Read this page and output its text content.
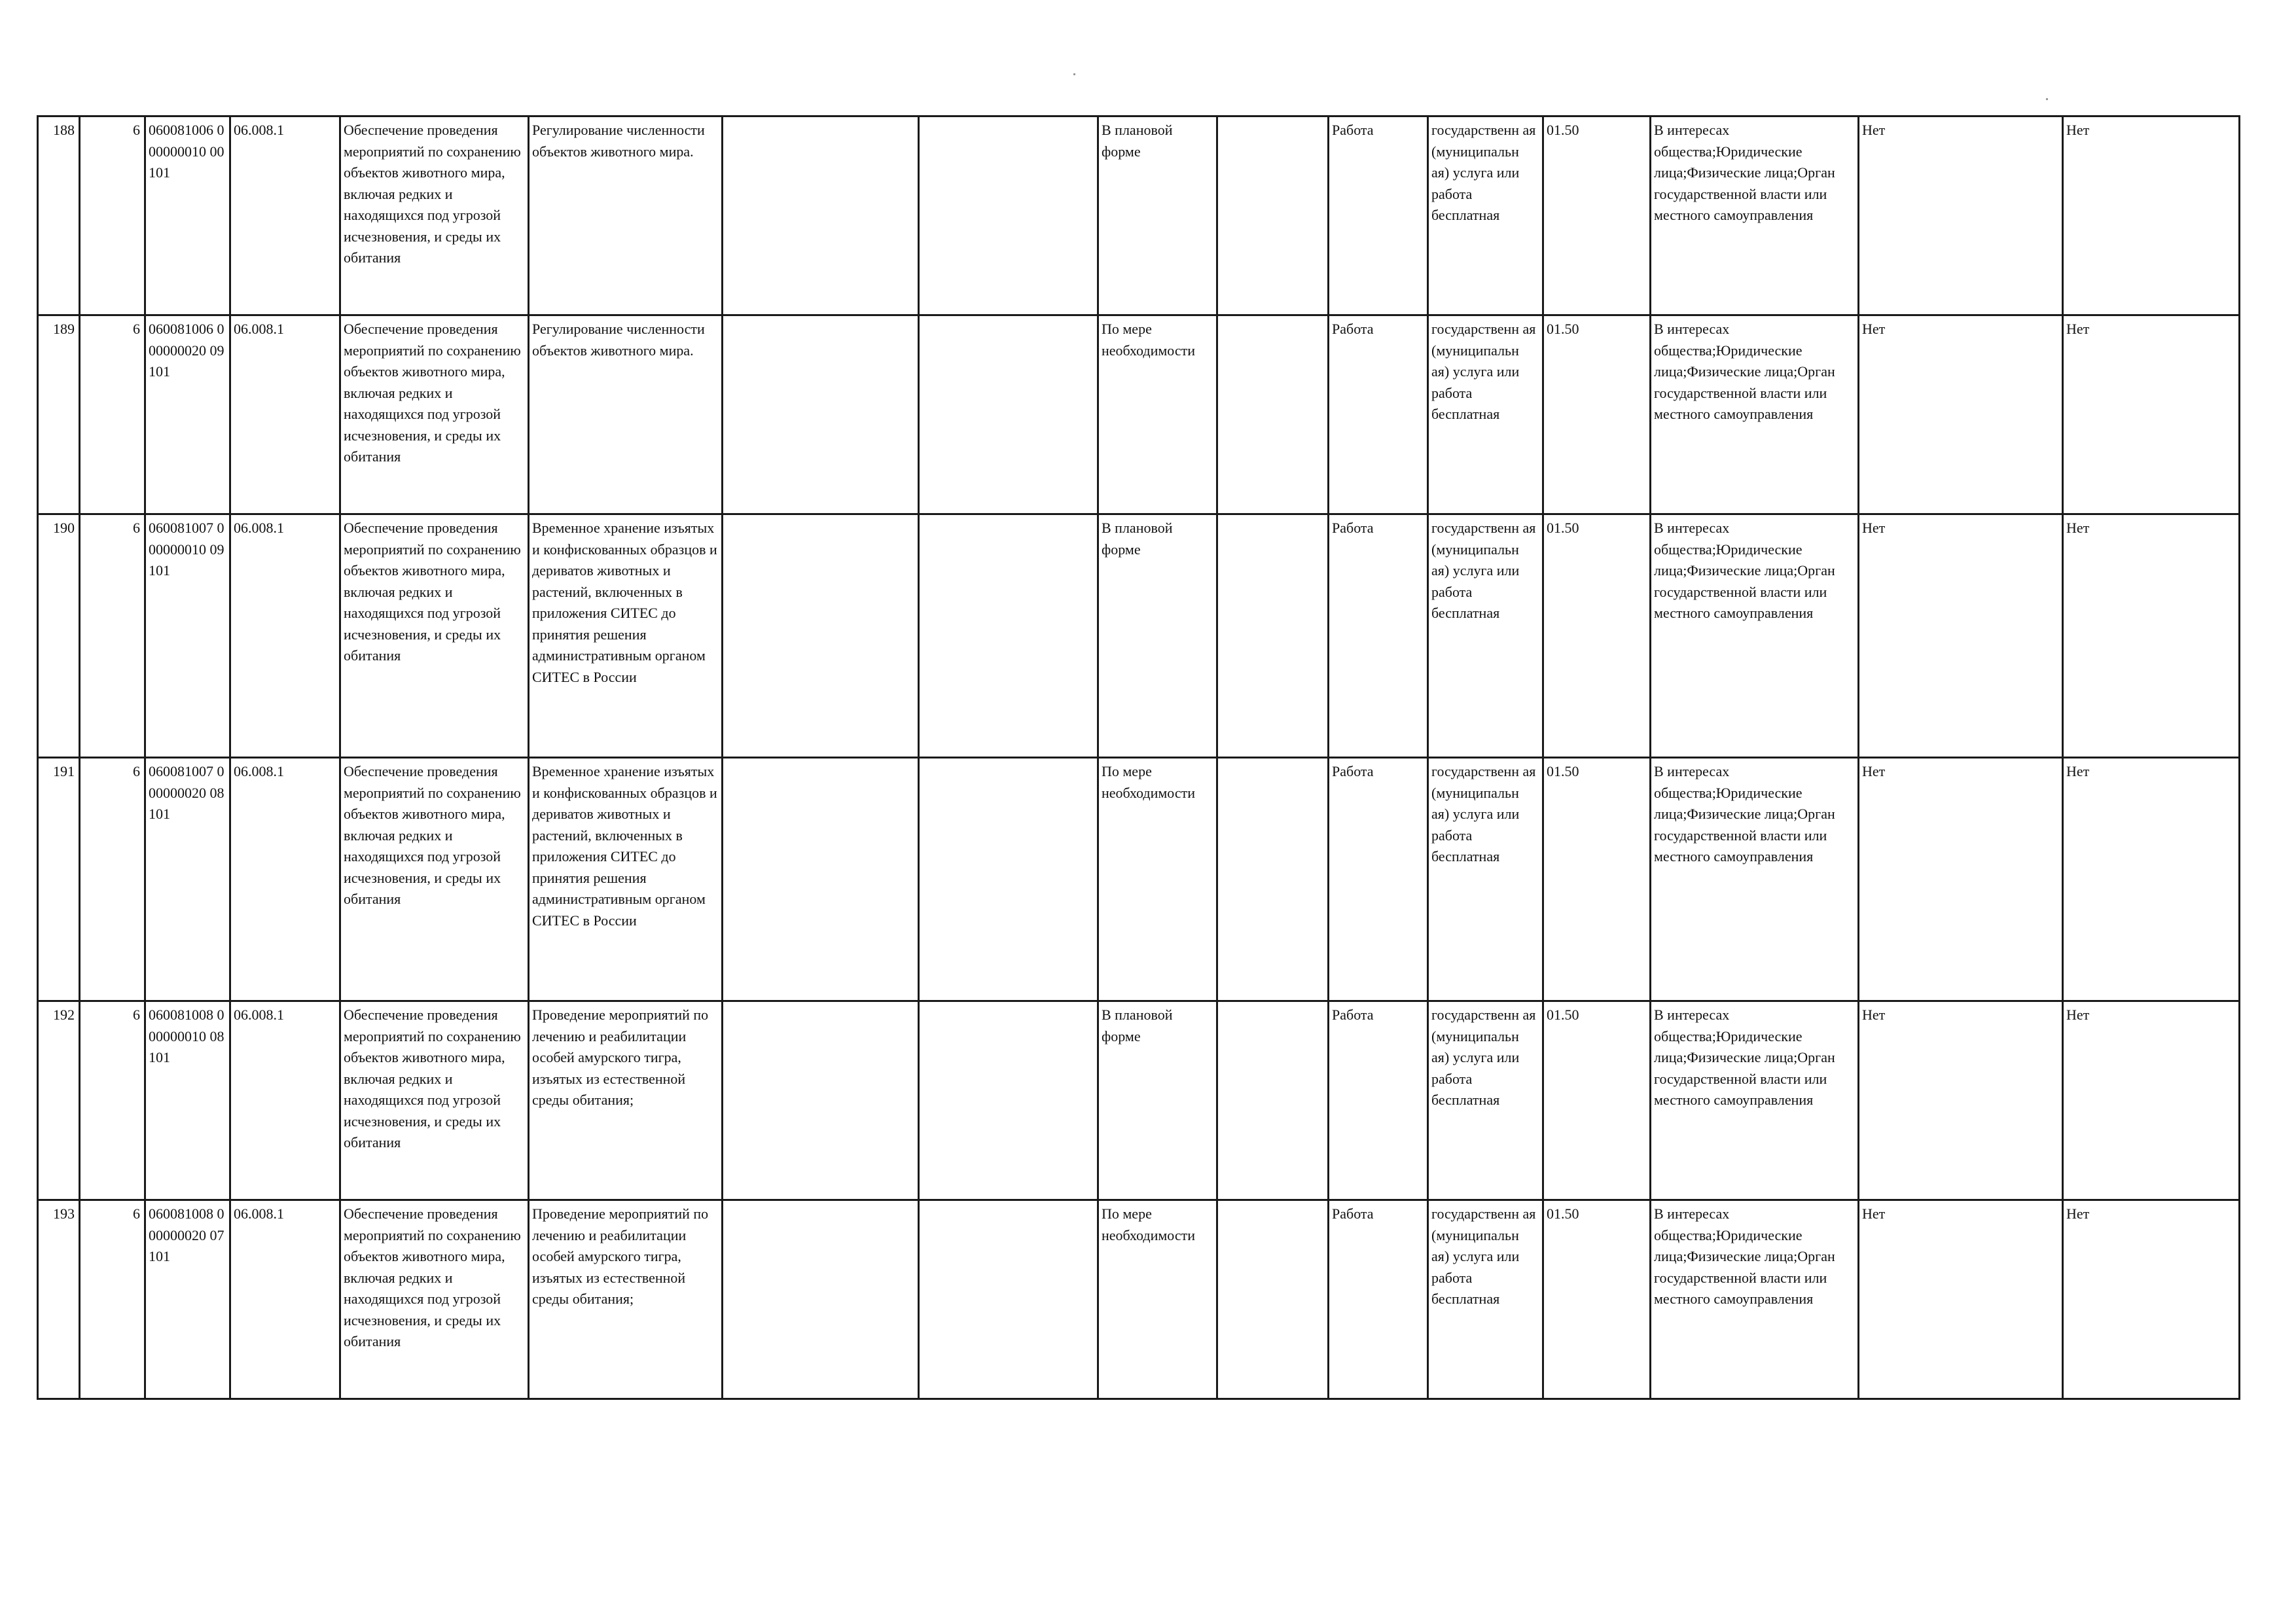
188	6	060081006 000000010 00101	06.008.1	Обеспечение проведения мероприятий по сохранению объектов животного мира, включая редких и находящихся под угрозой исчезновения, и среды их обитания	Регулирование численности объектов животного мира.			В плановой форме		Работа	государственн ая (муниципальн ая) услуга или работа бесплатная	01.50	В интересах общества;Юридические лица;Физические лица;Орган государственной власти или местного самоуправления	Нет	Нет
189	6	060081006 000000020 09101	06.008.1	Обеспечение проведения мероприятий по сохранению объектов животного мира, включая редких и находящихся под угрозой исчезновения, и среды их обитания	Регулирование численности объектов животного мира.			По мере необходимости		Работа	государственн ая (муниципальн ая) услуга или работа бесплатная	01.50	В интересах общества;Юридические лица;Физические лица;Орган государственной власти или местного самоуправления	Нет	Нет
190	6	060081007 000000010 09101	06.008.1	Обеспечение проведения мероприятий по сохранению объектов животного мира, включая редких и находящихся под угрозой исчезновения, и среды их обитания	Временное хранение изъятых и конфискованных образцов и дериватов животных и растений, включенных в приложения СИТЕС до принятия решения административным органом СИТЕС в России			В плановой форме		Работа	государственн ая (муниципальн ая) услуга или работа бесплатная	01.50	В интересах общества;Юридические лица;Физические лица;Орган государственной власти или местного самоуправления	Нет	Нет
191	6	060081007 000000020 08101	06.008.1	Обеспечение проведения мероприятий по сохранению объектов животного мира, включая редких и находящихся под угрозой исчезновения, и среды их обитания	Временное хранение изъятых и конфискованных образцов и дериватов животных и растений, включенных в приложения СИТЕС до принятия решения административным органом СИТЕС в России			По мере необходимости		Работа	государственн ая (муниципальн ая) услуга или работа бесплатная	01.50	В интересах общества;Юридические лица;Физические лица;Орган государственной власти или местного самоуправления	Нет	Нет
192	6	060081008 000000010 08101	06.008.1	Обеспечение проведения мероприятий по сохранению объектов животного мира, включая редких и находящихся под угрозой исчезновения, и среды их обитания	Проведение мероприятий по лечению и реабилитации особей амурского тигра, изъятых из естественной среды обитания;			В плановой форме		Работа	государственн ая (муниципальн ая) услуга или работа бесплатная	01.50	В интересах общества;Юридические лица;Физические лица;Орган государственной власти или местного самоуправления	Нет	Нет
193	6	060081008 000000020 07101	06.008.1	Обеспечение проведения мероприятий по сохранению объектов животного мира, включая редких и находящихся под угрозой исчезновения, и среды их обитания	Проведение мероприятий по лечению и реабилитации особей амурского тигра, изъятых из естественной среды обитания;			По мере необходимости		Работа	государственн ая (муниципальн ая) услуга или работа бесплатная	01.50	В интересах общества;Юридические лица;Физические лица;Орган государственной власти или местного самоуправления	Нет	Нет
